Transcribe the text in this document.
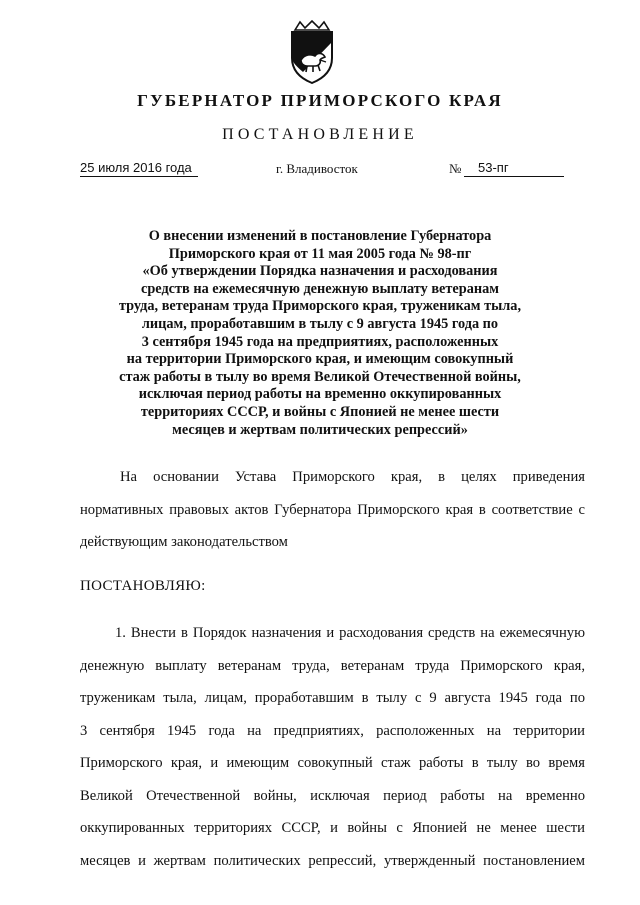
ГУБЕРНАТОР ПРИМОРСКОГО КРАЯ
ПОСТАНОВЛЕНИЕ
25 июля 2016 года	г. Владивосток	№	53-пг
О внесении изменений в постановление Губернатора
Приморского края от 11 мая 2005 года № 98-пг
«Об утверждении Порядка назначения и расходования
средств на ежемесячную денежную выплату ветеранам
труда, ветеранам труда Приморского края, труженикам тыла,
лицам, проработавшим в тылу с 9 августа 1945 года по
3 сентября 1945 года на предприятиях, расположенных
на территории Приморского края, и имеющим совокупный
стаж работы в тылу во время Великой Отечественной войны,
исключая период работы на временно оккупированных
территориях СССР, и войны с Японией не менее шести
месяцев и жертвам политических репрессий»
На основании Устава Приморского края, в целях приведения
нормативных правовых актов Губернатора Приморского края в соответствие с
действующим законодательством
ПОСТАНОВЛЯЮ:
1. Внести в Порядок назначения и расходования средств на ежемесячную
денежную выплату ветеранам труда, ветеранам труда Приморского края,
труженикам тыла, лицам, проработавшим в тылу с 9 августа 1945 года по
3 сентября 1945 года на предприятиях, расположенных на территории
Приморского края, и имеющим совокупный стаж работы в тылу во время
Великой Отечественной войны, исключая период работы на временно
оккупированных территориях СССР, и войны с Японией не менее шести
месяцев и жертвам политических репрессий, утвержденный постановлением
